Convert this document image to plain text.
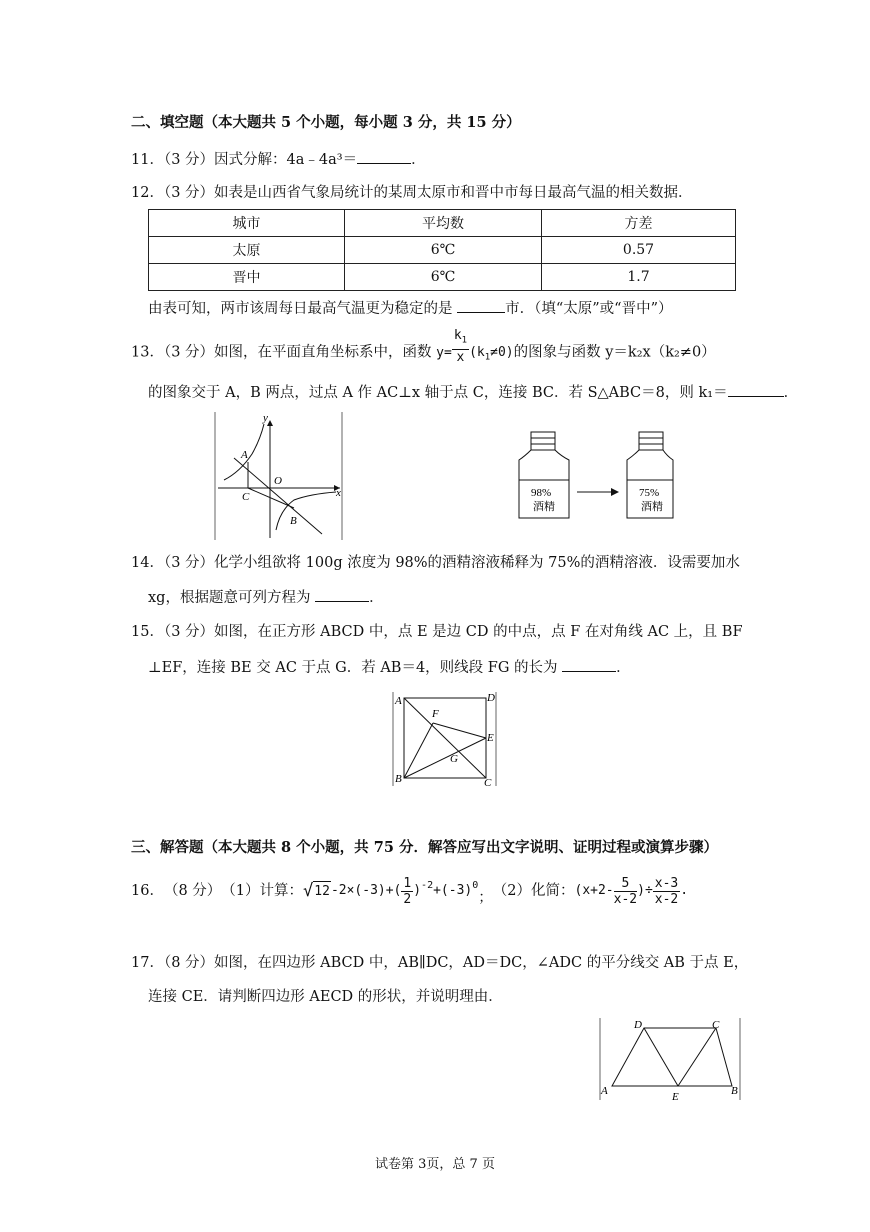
二、填空题（本大题共 5 个小题，每小题 3 分，共 15 分）
11．（3 分）因式分解：4a﹣4a³＝	．
12．（3 分）如表是山西省气象局统计的某周太原市和晋中市每日最高气温的相关数据．
城市	平均数	方差
太原	6℃	0.57
晋中	6℃	1.7
由表可知，两市该周每日最高气温更为稳定的是	市．（填“太原”或“晋中”）
13．（3 分）如图，在平面直角坐标系中，函数 $y= \frac{k_1}{x} (k_1\ne 0)$的图象与函数 y＝k₂x（k₂≠0）
的图象交于 A，B 两点，过点 A 作 AC⊥x 轴于点 C，连接 BC．若 S△ABC＝8，则 k₁＝	．
y
x
A
O
C
B
98%
酒精
75%
酒精
14．（3 分）化学小组欲将 100g 浓度为 98%的酒精溶液稀释为 75%的酒精溶液．设需要加水
xg，根据题意可列方程为	．
15．（3 分）如图，在正方形 ABCD 中，点 E 是边 CD 的中点，点 F 在对角线 AC 上，且 BF
⊥EF，连接 BE 交 AC 于点 G．若 AB＝4，则线段 FG 的长为	．
A	D
F
E
G
B	C
三、解答题（本大题共 8 个小题，共 75 分．解答应写出文字说明、证明过程或演算步骤）
16． （8 分） （1）计算： √ 12 $-2\times(-3)+( \frac{1}{2} )^{-2} +(-3)^0$
； （2）化简： ($x+2- \frac{5}{x-2}$ )÷ $\frac{x-3}{x-2}$ .
17．（8 分）如图，在四边形 ABCD 中，AB∥DC，AD＝DC，∠ADC 的平分线交 AB 于点 E，
连接 CE．请判断四边形 AECD 的形状，并说明理由．
D	C
A	E	B
试卷第 3页，总 7 页
